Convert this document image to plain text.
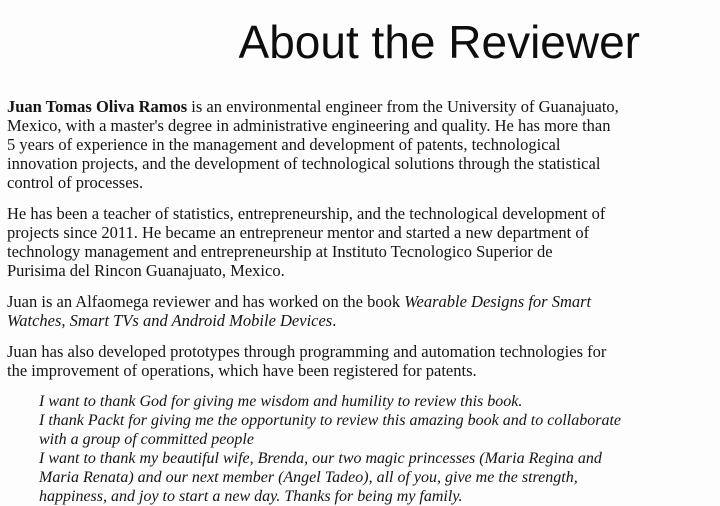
About the Reviewer
Juan Tomas Oliva Ramos is an environmental engineer from the University of Guanajuato,
Mexico, with a master's degree in administrative engineering and quality. He has more than
5 years of experience in the management and development of patents, technological
innovation projects, and the development of technological solutions through the statistical
control of processes.
He has been a teacher of statistics, entrepreneurship, and the technological development of
projects since 2011. He became an entrepreneur mentor and started a new department of
technology management and entrepreneurship at Instituto Tecnologico Superior de
Purisima del Rincon Guanajuato, Mexico.
Juan is an Alfaomega reviewer and has worked on the book Wearable Designs for Smart
Watches, Smart TVs and Android Mobile Devices.
Juan has also developed prototypes through programming and automation technologies for
the improvement of operations, which have been registered for patents.
I want to thank God for giving me wisdom and humility to review this book.
I thank Packt for giving me the opportunity to review this amazing book and to collaborate
with a group of committed people
I want to thank my beautiful wife, Brenda, our two magic princesses (Maria Regina and
Maria Renata) and our next member (Angel Tadeo), all of you, give me the strength,
happiness, and joy to start a new day. Thanks for being my family.
